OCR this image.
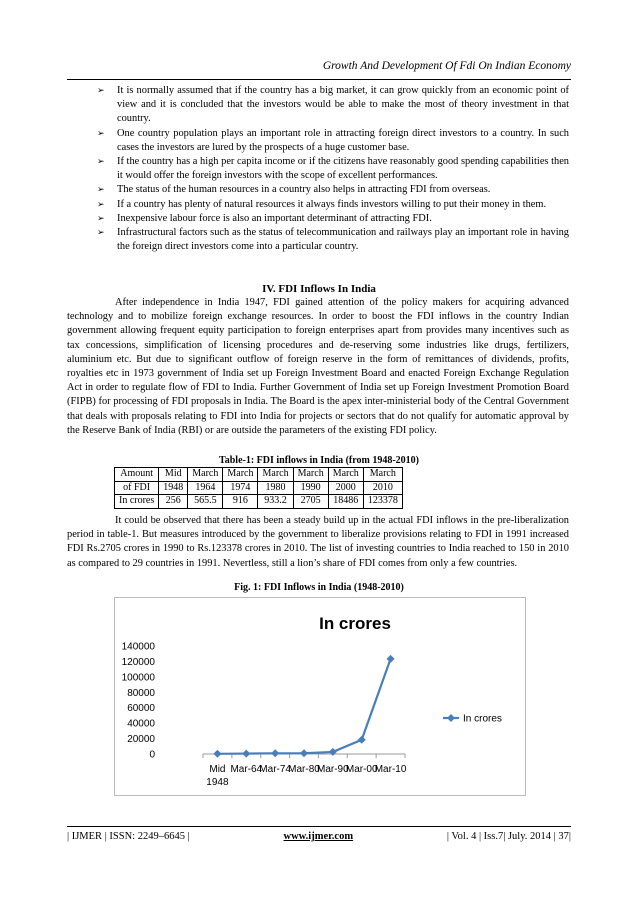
Growth And Development Of Fdi On Indian Economy

➢ It is normally assumed that if the country has a big market, it can grow quickly from an economic point of view and it is concluded that the investors would be able to make the most of theory investment in that country.

➢ One country population plays an important role in attracting foreign direct investors to a country. In such cases the investors are lured by the prospects of a huge customer base.

➢ If the country has a high per capita income or if the citizens have reasonably good spending capabilities then it would offer the foreign investors with the scope of excellent performances.

➢ The status of the human resources in a country also helps in attracting FDI from overseas.

➢ If a country has plenty of natural resources it always finds investors willing to put their money in them.

➢ Inexpensive labour force is also an important determinant of attracting FDI.

➢ Infrastructural factors such as the status of telecommunication and railways play an important role in having the foreign direct investors come into a particular country.

IV. FDI Inflows In India

After independence in India 1947, FDI gained attention of the policy makers for acquiring advanced technology and to mobilize foreign exchange resources. In order to boost the FDI inflows in the country Indian government allowing frequent equity participation to foreign enterprises apart from provides many incentives such as tax concessions, simplification of licensing procedures and de-reserving some industries like drugs, fertilizers, aluminium etc. But due to significant outflow of foreign reserve in the form of remittances of dividends, profits, royalties etc in 1973 government of India set up Foreign Investment Board and enacted Foreign Exchange Regulation Act in order to regulate flow of FDI to India. Further Government of India set up Foreign Investment Promotion Board (FIPB) for processing of FDI proposals in India. The Board is the apex inter-ministerial body of the Central Government that deals with proposals relating to FDI into India for projects or sectors that do not qualify for automatic approval by the Reserve Bank of India (RBI) or are outside the parameters of the existing FDI policy.

Table-1: FDI inflows in India (from 1948-2010)
Amount	Mid	March	March	March	March	March	March
of FDI	1948	1964	1974	1980	1990	2000	2010
In crores	256	565.5	916	933.2	2705	18486	123378

It could be observed that there has been a steady build up in the actual FDI inflows in the pre-liberalization period in table-1. But measures introduced by the government to liberalize provisions relating to FDI in 1991 increased FDI Rs.2705 crores in 1990 to Rs.123378 crores in 2010. The list of investing countries to India reached to 150 in 2010 as compared to 29 countries in 1991. Nevertless, still a lion’s share of FDI comes from only a few countries.

Fig. 1: FDI Inflows in India (1948-2010)
In crores
0
20000
40000
60000
80000
100000
120000
140000
Mid 1948
Mar-64
Mar-74
Mar-80
Mar-90
Mar-00
Mar-10
In crores
| IJMER | ISSN: 2249–6645 |	www.ijmer.com	| Vol. 4 | Iss.7| July. 2014 | 37|
